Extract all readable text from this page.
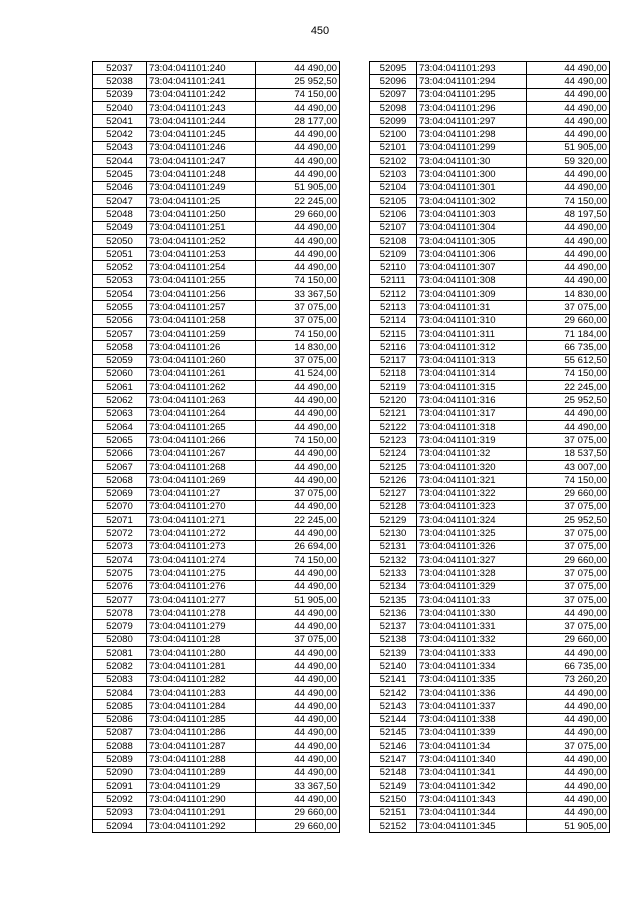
450
52037	73:04:041101:240	44 490,00
52038	73:04:041101:241	25 952,50
52039	73:04:041101:242	74 150,00
52040	73:04:041101:243	44 490,00
52041	73:04:041101:244	28 177,00
52042	73:04:041101:245	44 490,00
52043	73:04:041101:246	44 490,00
52044	73:04:041101:247	44 490,00
52045	73:04:041101:248	44 490,00
52046	73:04:041101:249	51 905,00
52047	73:04:041101:25	22 245,00
52048	73:04:041101:250	29 660,00
52049	73:04:041101:251	44 490,00
52050	73:04:041101:252	44 490,00
52051	73:04:041101:253	44 490,00
52052	73:04:041101:254	44 490,00
52053	73:04:041101:255	74 150,00
52054	73:04:041101:256	33 367,50
52055	73:04:041101:257	37 075,00
52056	73:04:041101:258	37 075,00
52057	73:04:041101:259	74 150,00
52058	73:04:041101:26	14 830,00
52059	73:04:041101:260	37 075,00
52060	73:04:041101:261	41 524,00
52061	73:04:041101:262	44 490,00
52062	73:04:041101:263	44 490,00
52063	73:04:041101:264	44 490,00
52064	73:04:041101:265	44 490,00
52065	73:04:041101:266	74 150,00
52066	73:04:041101:267	44 490,00
52067	73:04:041101:268	44 490,00
52068	73:04:041101:269	44 490,00
52069	73:04:041101:27	37 075,00
52070	73:04:041101:270	44 490,00
52071	73:04:041101:271	22 245,00
52072	73:04:041101:272	44 490,00
52073	73:04:041101:273	26 694,00
52074	73:04:041101:274	74 150,00
52075	73:04:041101:275	44 490,00
52076	73:04:041101:276	44 490,00
52077	73:04:041101:277	51 905,00
52078	73:04:041101:278	44 490,00
52079	73:04:041101:279	44 490,00
52080	73:04:041101:28	37 075,00
52081	73:04:041101:280	44 490,00
52082	73:04:041101:281	44 490,00
52083	73:04:041101:282	44 490,00
52084	73:04:041101:283	44 490,00
52085	73:04:041101:284	44 490,00
52086	73:04:041101:285	44 490,00
52087	73:04:041101:286	44 490,00
52088	73:04:041101:287	44 490,00
52089	73:04:041101:288	44 490,00
52090	73:04:041101:289	44 490,00
52091	73:04:041101:29	33 367,50
52092	73:04:041101:290	44 490,00
52093	73:04:041101:291	29 660,00
52094	73:04:041101:292	29 660,00
52095	73:04:041101:293	44 490,00
52096	73:04:041101:294	44 490,00
52097	73:04:041101:295	44 490,00
52098	73:04:041101:296	44 490,00
52099	73:04:041101:297	44 490,00
52100	73:04:041101:298	44 490,00
52101	73:04:041101:299	51 905,00
52102	73:04:041101:30	59 320,00
52103	73:04:041101:300	44 490,00
52104	73:04:041101:301	44 490,00
52105	73:04:041101:302	74 150,00
52106	73:04:041101:303	48 197,50
52107	73:04:041101:304	44 490,00
52108	73:04:041101:305	44 490,00
52109	73:04:041101:306	44 490,00
52110	73:04:041101:307	44 490,00
52111	73:04:041101:308	44 490,00
52112	73:04:041101:309	14 830,00
52113	73:04:041101:31	37 075,00
52114	73:04:041101:310	29 660,00
52115	73:04:041101:311	71 184,00
52116	73:04:041101:312	66 735,00
52117	73:04:041101:313	55 612,50
52118	73:04:041101:314	74 150,00
52119	73:04:041101:315	22 245,00
52120	73:04:041101:316	25 952,50
52121	73:04:041101:317	44 490,00
52122	73:04:041101:318	44 490,00
52123	73:04:041101:319	37 075,00
52124	73:04:041101:32	18 537,50
52125	73:04:041101:320	43 007,00
52126	73:04:041101:321	74 150,00
52127	73:04:041101:322	29 660,00
52128	73:04:041101:323	37 075,00
52129	73:04:041101:324	25 952,50
52130	73:04:041101:325	37 075,00
52131	73:04:041101:326	37 075,00
52132	73:04:041101:327	29 660,00
52133	73:04:041101:328	37 075,00
52134	73:04:041101:329	37 075,00
52135	73:04:041101:33	37 075,00
52136	73:04:041101:330	44 490,00
52137	73:04:041101:331	37 075,00
52138	73:04:041101:332	29 660,00
52139	73:04:041101:333	44 490,00
52140	73:04:041101:334	66 735,00
52141	73:04:041101:335	73 260,20
52142	73:04:041101:336	44 490,00
52143	73:04:041101:337	44 490,00
52144	73:04:041101:338	44 490,00
52145	73:04:041101:339	44 490,00
52146	73:04:041101:34	37 075,00
52147	73:04:041101:340	44 490,00
52148	73:04:041101:341	44 490,00
52149	73:04:041101:342	44 490,00
52150	73:04:041101:343	44 490,00
52151	73:04:041101:344	44 490,00
52152	73:04:041101:345	51 905,00
